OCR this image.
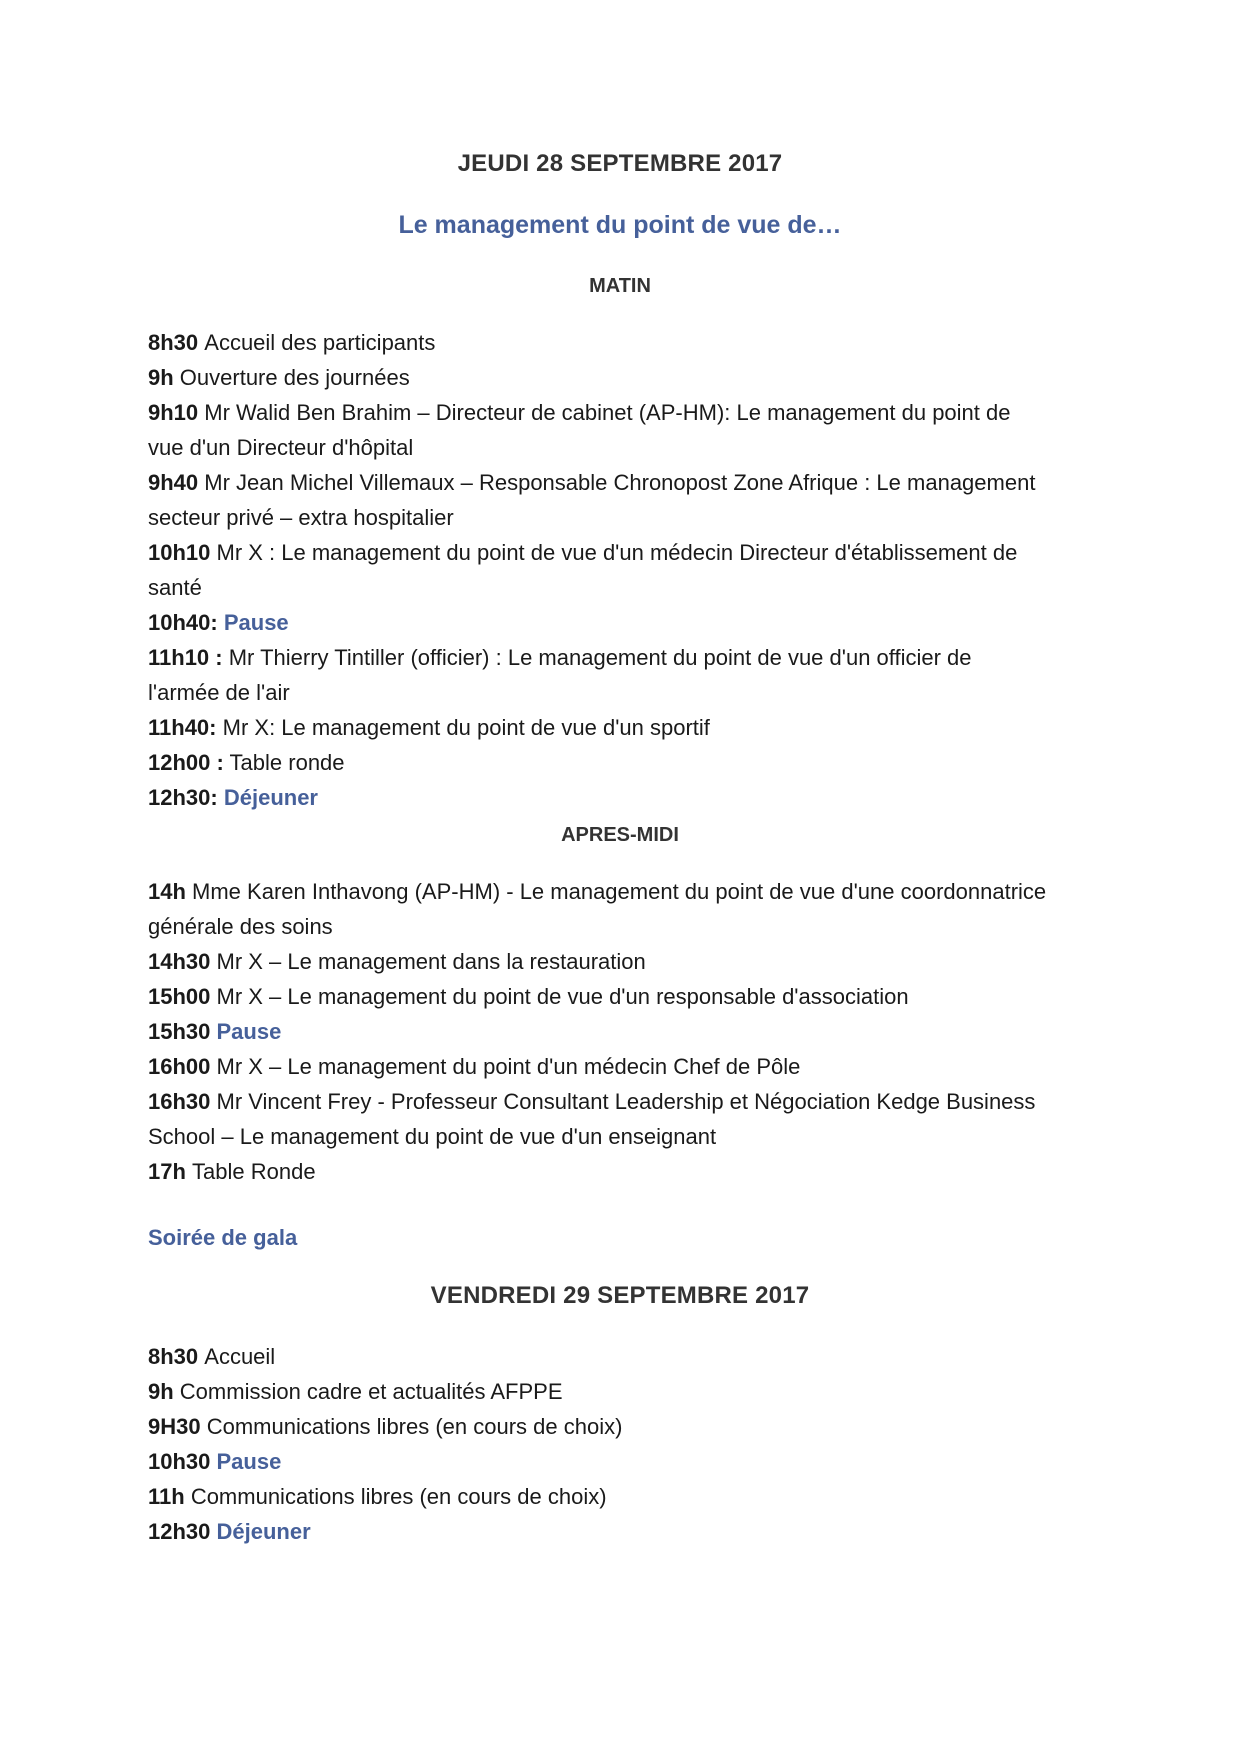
JEUDI 28 SEPTEMBRE 2017
Le management du point de vue de…
MATIN
8h30 Accueil des participants
9h Ouverture des journées
9h10 Mr Walid Ben Brahim – Directeur de cabinet (AP-HM): Le management du point de
vue d'un Directeur d'hôpital
9h40 Mr Jean Michel Villemaux – Responsable Chronopost Zone Afrique : Le management
secteur privé – extra hospitalier
10h10 Mr X : Le management du point de vue d'un médecin Directeur d'établissement de
santé
10h40: Pause
11h10 : Mr Thierry Tintiller (officier) : Le management du point de vue d'un officier de
l'armée de l'air
11h40: Mr X: Le management du point de vue d'un sportif
12h00 : Table ronde
12h30: Déjeuner
APRES-MIDI
14h Mme Karen Inthavong (AP-HM) - Le management du point de vue d'une coordonnatrice
générale des soins
14h30 Mr X – Le management dans la restauration
15h00 Mr X – Le management du point de vue d'un responsable d'association
15h30 Pause
16h00 Mr X – Le management du point d'un médecin Chef de Pôle
16h30 Mr Vincent Frey - Professeur Consultant Leadership et Négociation Kedge Business
School – Le management du point de vue d'un enseignant
17h Table Ronde
Soirée de gala
VENDREDI 29 SEPTEMBRE 2017
8h30 Accueil
9h Commission cadre et actualités AFPPE
9H30 Communications libres (en cours de choix)
10h30 Pause
11h Communications libres (en cours de choix)
12h30 Déjeuner
